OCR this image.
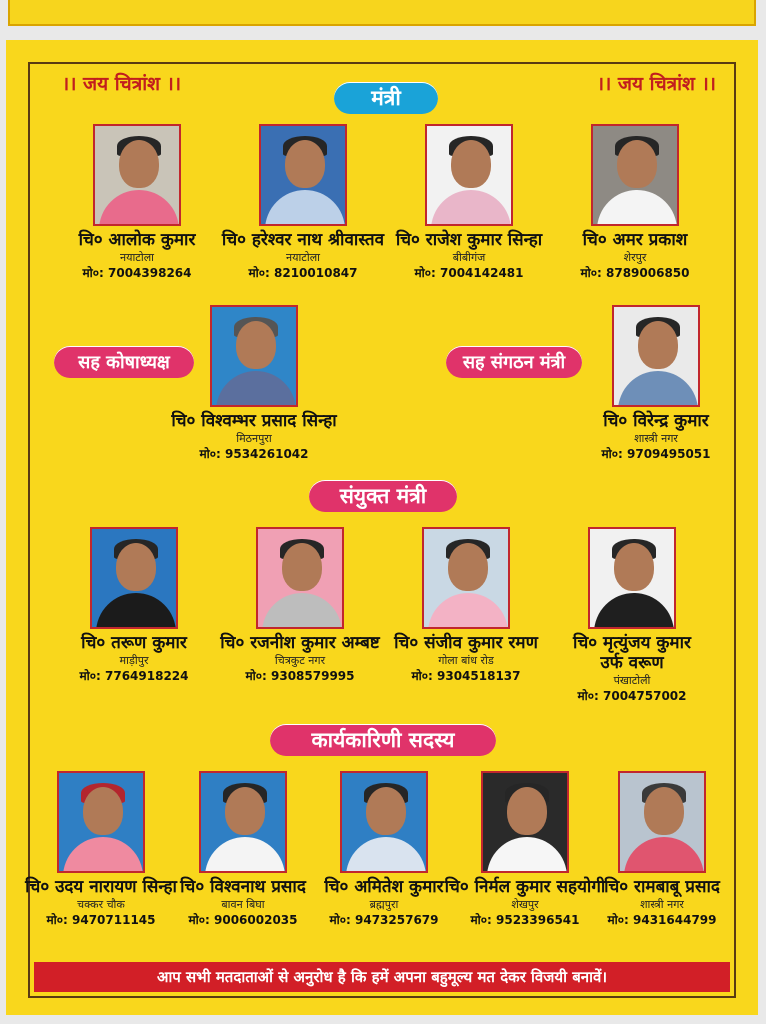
।। जय चित्रांश ।।	।। जय चित्रांश ।।
मंत्री
चि० आलोक कुमार
नयाटोला
मो०: 7004398264
चि० हरेश्वर नाथ श्रीवास्तव
नयाटोला
मो०: 8210010847
चि० राजेश कुमार सिन्हा
बीबीगंज
मो०: 7004142481
चि० अमर प्रकाश
शेरपुर
मो०: 8789006850
सह कोषाध्यक्ष
चि० विश्वम्भर प्रसाद सिन्हा
मिठनपुरा
मो०: 9534261042
सह संगठन मंत्री
चि० विरेन्द्र कुमार
शास्त्री नगर
मो०: 9709495051
संयुक्त मंत्री
चि० तरूण कुमार
माड़ीपुर
मो०: 7764918224
चि० रजनीश कुमार अम्बष्ट
चित्रकुट नगर
मो०: 9308579995
चि० संजीव कुमार रमण
गोला बांध रोड
मो०: 9304518137
चि० मृत्युंजय कुमार
उर्फ वरूण
पंखाटोली
मो०: 7004757002
कार्यकारिणी सदस्य
चि० उदय नारायण सिन्हा
चक्कर चौक
मो०: 9470711145
चि० विश्वनाथ प्रसाद
बावन बिघा
मो०: 9006002035
चि० अमितेश कुमार
ब्रह्मपुरा
मो०: 9473257679
चि० निर्मल कुमार सहयोगी
शेखपुर
मो०: 9523396541
चि० रामबाबू प्रसाद
शास्त्री नगर
मो०: 9431644799
आप सभी मतदाताओं से अनुरोध है कि हमें अपना बहुमूल्य मत देकर विजयी बनावें।
